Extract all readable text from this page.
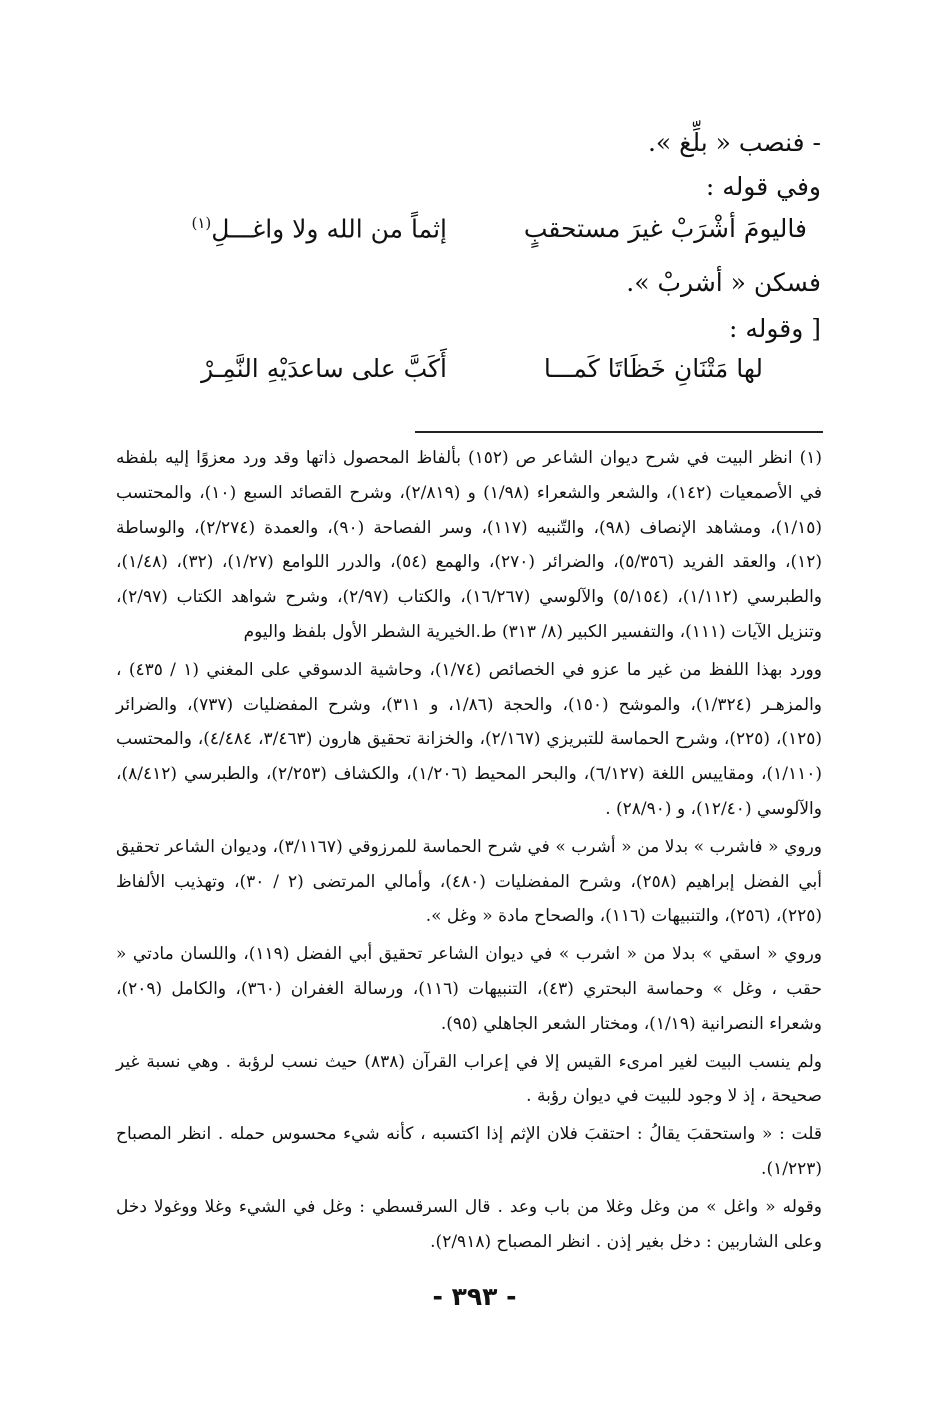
- فنصب « بلِّغ ».
وفي قوله :
فاليومَ أشْرَبْ غيرَ مستحقبٍ
إثماً من الله ولا واغـــلِ$^{(١)}$
فسكن « أشربْ ».
[ وقوله :
لها مَتْنَانِ خَظَاتَا كَمـــا
أَكَبَّ على ساعدَيْهِ النَّمِـرْ

(١) انظر البيت في شرح ديوان الشاعر ص (١٥٢) بألفاظ المحصول ذاتها وقد ورد معزوًا إليه بلفظه في الأصمعيات (١٤٢)، والشعر والشعراء (١/٩٨) و (٢/٨١٩)، وشرح القصائد السبع (١٠)، والمحتسب (١/١٥)، ومشاهد الإنصاف (٩٨)، والتّنبيه (١١٧)، وسر الفصاحة (٩٠)، والعمدة (٢/٢٧٤)، والوساطة (١٢)، والعقد الفريد (٥/٣٥٦)، والضرائر (٢٧٠)، والهمع (٥٤)، والدرر اللوامع (١/٢٧)، (٣٢)، (١/٤٨)، والطبرسي (١/١١٢)، (٥/١٥٤) والآلوسي (١٦/٢٦٧)، والكتاب (٢/٩٧)، وشرح شواهد الكتاب (٢/٩٧)، وتنزيل الآيات (١١١)، والتفسير الكبير (٨/ ٣١٣) ط.الخيرية الشطر الأول بلفظ واليوم

وورد بهذا اللفظ من غير ما عزو في الخصائص (١/٧٤)، وحاشية الدسوقي على المغني (١ / ٤٣٥) ، والمزهـر (١/٣٢٤)، والموشح (١٥٠)، والحجة (١/٨٦، و ٣١١)، وشرح المفضليات (٧٣٧)، والضرائر (١٢٥)، (٢٢٥)، وشرح الحماسة للتبريزي (٢/١٦٧)، والخزانة تحقيق هارون (٣/٤٦٣، ٤/٤٨٤)، والمحتسب (١/١١٠)، ومقاييس اللغة (٦/١٢٧)، والبحر المحيط (١/٢٠٦)، والكشاف (٢/٢٥٣)، والطبرسي (٨/٤١٢)، والآلوسي (١٢/٤٠)، و (٢٨/٩٠) .

وروي « فاشرب » بدلا من « أشرب » في شرح الحماسة للمرزوقي (٣/١١٦٧)، وديوان الشاعر تحقيق أبي الفضل إبراهيم (٢٥٨)، وشرح المفضليات (٤٨٠)، وأمالي المرتضى (٢ / ٣٠)، وتهذيب الألفاظ (٢٢٥)، (٢٥٦)، والتنبيهات (١١٦)، والصحاح مادة « وغل ».

وروي « اسقي » بدلا من « اشرب » في ديوان الشاعر تحقيق أبي الفضل (١١٩)، واللسان مادتي « حقب ، وغل » وحماسة البحتري (٤٣)، التنبيهات (١١٦)، ورسالة الغفران (٣٦٠)، والكامل (٢٠٩)، وشعراء النصرانية (١/١٩)، ومختار الشعر الجاهلي (٩٥).

ولم ينسب البيت لغير امرىء القيس إلا في إعراب القرآن (٨٣٨) حيث نسب لرؤبة . وهي نسبة غير صحيحة ، إذ لا وجود للبيت في ديوان رؤبة .

قلت : « واستحقبَ يقالُ : احتقبَ فلان الإثم إذا اكتسبه ، كأنه شيء محسوس حمله . انظر المصباح (١/٢٢٣).

وقوله « واغل » من وغل وغلا من باب وعد . قال السرقسطي : وغل في الشيء وغلا ووغولا دخل وعلى الشاربين : دخل بغير إذن . انظر المصباح (٢/٩١٨).

- ٣٩٣ -
